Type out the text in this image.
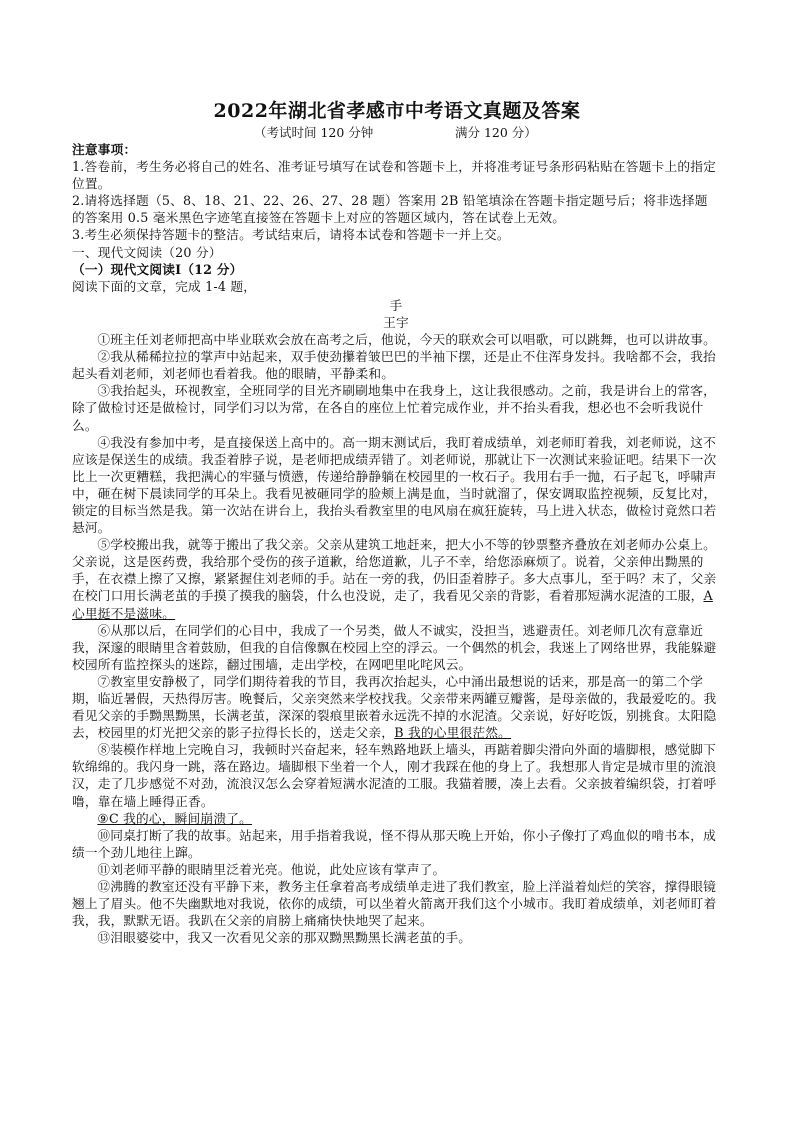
2022年湖北省孝感市中考语文真题及答案
（考试时间 120 分钟	满分 120 分）

注意事项：

1.答卷前，考生务必将自己的姓名、准考证号填写在试卷和答题卡上，并将准考证号条形码粘贴在答题卡上的指定位置。

2.请将选择题（5、8、18、21、22、26、27、28 题）答案用 2B 铅笔填涂在答题卡指定题号后；将非选择题的答案用 0.5 毫米黑色字迹笔直接签在答题卡上对应的答题区域内，答在试卷上无效。

3.考生必须保持答题卡的整洁。考试结束后，请将本试卷和答题卡一并上交。

一、现代文阅读（20 分）

（一）现代文阅读Ⅰ（12 分）

阅读下面的文章，完成 1-4 题，

手

王宇

①班主任刘老师把高中毕业联欢会放在高考之后，他说，今天的联欢会可以唱歌，可以跳舞，也可以讲故事。

②我从稀稀拉拉的掌声中站起来，双手使劲攥着皱巴巴的半袖下摆，还是止不住浑身发抖。我啥都不会，我抬起头看刘老师，刘老师也看着我。他的眼睛，平静柔和。

③我抬起头，环视教室，全班同学的目光齐刷刷地集中在我身上，这让我很感动。之前，我是讲台上的常客，除了做检讨还是做检讨，同学们习以为常，在各自的座位上忙着完成作业，并不抬头看我，想必也不会听我说什么。

④我没有参加中考，是直接保送上高中的。高一期末测试后，我盯着成绩单，刘老师盯着我，刘老师说，这不应该是保送生的成绩。我歪着脖子说，是老师把成绩弄错了。刘老师说，那就让下一次测试来验证吧。结果下一次比上一次更糟糕，我把满心的牢骚与愤懑，传递给静静躺在校园里的一枚石子。我用右手一抛，石子起飞，呼啸声中，砸在树下晨读同学的耳朵上。我看见被砸同学的脸颊上满是血，当时就溜了，保安调取监控视频，反复比对，锁定的目标当然是我。第一次站在讲台上，我抬头看教室里的电风扇在疯狂旋转，马上进入状态，做检讨竟然口若悬河。

⑤学校搬出我，就等于搬出了我父亲。父亲从建筑工地赶来，把大小不等的钞票整齐叠放在刘老师办公桌上。父亲说，这是医药费，我给那个受伤的孩子道歉，给您道歉，儿子不幸，给您添麻烦了。说着，父亲伸出黝黑的手，在衣襟上擦了又擦，紧紧握住刘老师的手。站在一旁的我，仍旧歪着脖子。多大点事儿，至于吗？末了，父亲在校门口用长满老茧的手摸了摸我的脑袋，什么也没说，走了，我看见父亲的背影，看着那短满水泥渣的工服，A 心里挺不是滋味。

⑥从那以后，在同学们的心目中，我成了一个另类，做人不诚实，没担当，逃避责任。刘老师几次有意靠近我，深邃的眼睛里含着鼓励，但我的自信像飘在校园上空的浮云。一个偶然的机会，我迷上了网络世界，我能躲避校园所有监控探头的迷踪，翻过围墙，走出学校，在网吧里叱咤风云。

⑦教室里安静极了，同学们期待着我的节目，我再次抬起头，心中涌出最想说的话来，那是高一的第二个学期，临近暑假，天热得厉害。晚餐后，父亲突然来学校找我。父亲带来两罐豆瓣酱，是母亲做的，我最爱吃的。我看见父亲的手黝黑黝黑，长满老茧，深深的裂痕里嵌着永远洗不掉的水泥渣。父亲说，好好吃饭，别挑食。太阳隐去，校园里的灯光把父亲的影子拉得长长的，送走父亲，B 我的心里很茫然。

⑧装模作样地上完晚自习，我顿时兴奋起来，轻车熟路地跃上墙头，再踮着脚尖滑向外面的墙脚根，感觉脚下软绵绵的。我闪身一跳，落在路边。墙脚根下坐着一个人，刚才我踩在他的身上了。我想那人肯定是城市里的流浪汉，走了几步感觉不对劲，流浪汉怎么会穿着短满水泥渣的工服。我猫着腰，凑上去看。父亲披着编织袋，打着呼噜，靠在墙上睡得正香。

⑨C 我的心，瞬间崩溃了。

⑩同桌打断了我的故事。站起来，用手指着我说，怪不得从那天晚上开始，你小子像打了鸡血似的啃书本，成绩一个劲儿地往上蹿。

⑪刘老师平静的眼睛里泛着光亮。他说，此处应该有掌声了。

⑫沸腾的教室还没有平静下来，教务主任拿着高考成绩单走进了我们教室，脸上洋溢着灿烂的笑容，撑得眼镜翘上了眉头。他不失幽默地对我说，依你的成绩，可以坐着火箭离开我们这个小城市。我盯着成绩单，刘老师盯着我，我，默默无语。我趴在父亲的肩膀上痛痛快快地哭了起来。

⑬泪眼婆娑中，我又一次看见父亲的那双黝黑黝黑长满老茧的手。
